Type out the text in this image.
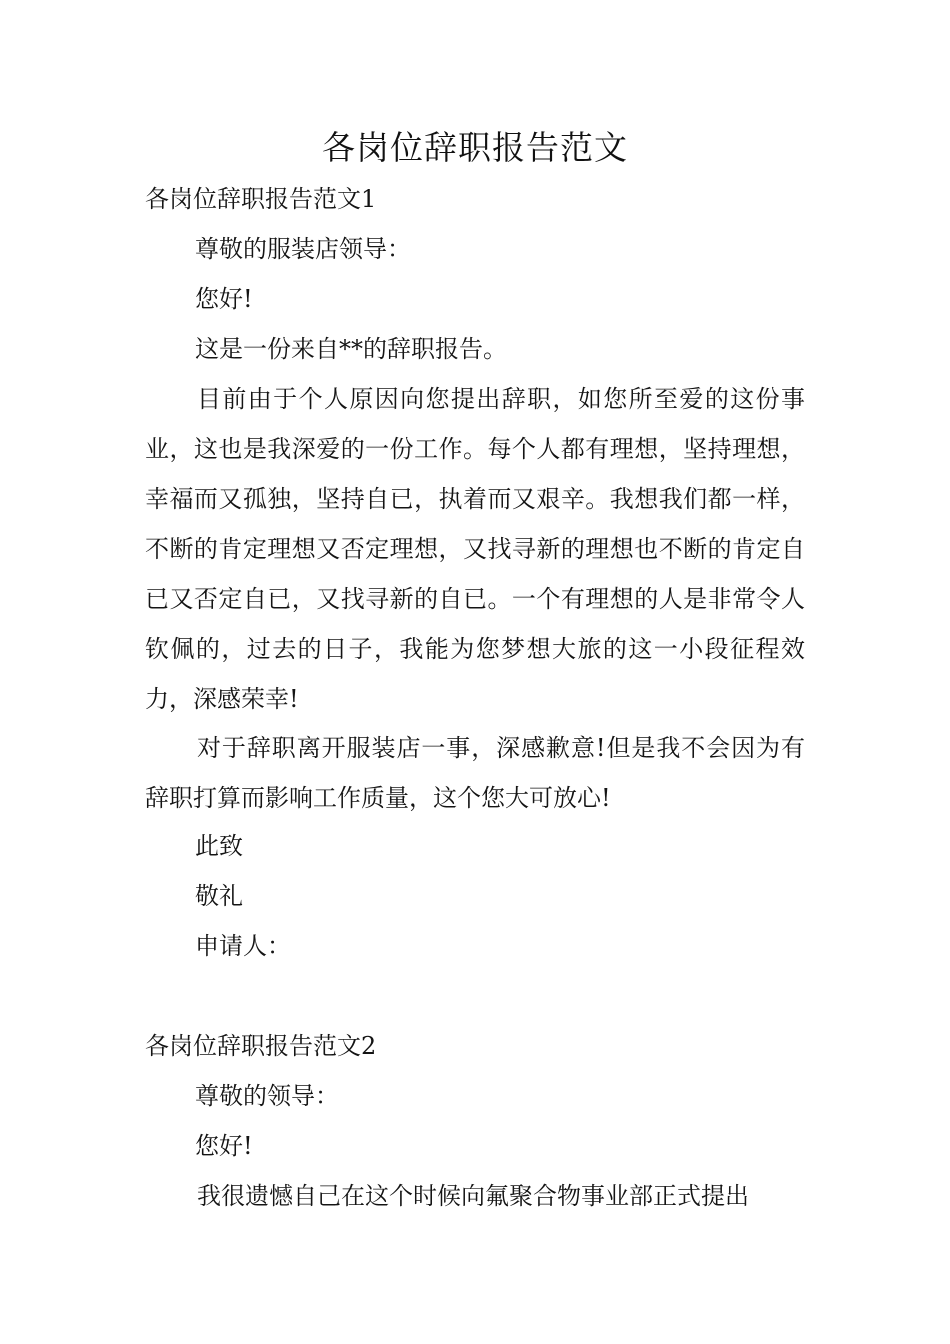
各岗位辞职报告范文
各岗位辞职报告范文1
尊敬的服装店领导：
您好!
这是一份来自**的辞职报告。

目前由于个人原因向您提出辞职，如您所至爱的这份事业，这也是我深爱的一份工作。每个人都有理想，坚持理想，幸福而又孤独，坚持自已，执着而又艰辛。我想我们都一样，不断的肯定理想又否定理想，又找寻新的理想也不断的肯定自已又否定自已，又找寻新的自已。一个有理想的人是非常令人钦佩的，过去的日子，我能为您梦想大旅的这一小段征程效力，深感荣幸!

对于辞职离开服装店一事，深感歉意!但是我不会因为有辞职打算而影响工作质量，这个您大可放心!

此致
敬礼
申请人：
各岗位辞职报告范文2
尊敬的领导：
您好!

我很遗憾自己在这个时候向氟聚合物事业部正式提出
